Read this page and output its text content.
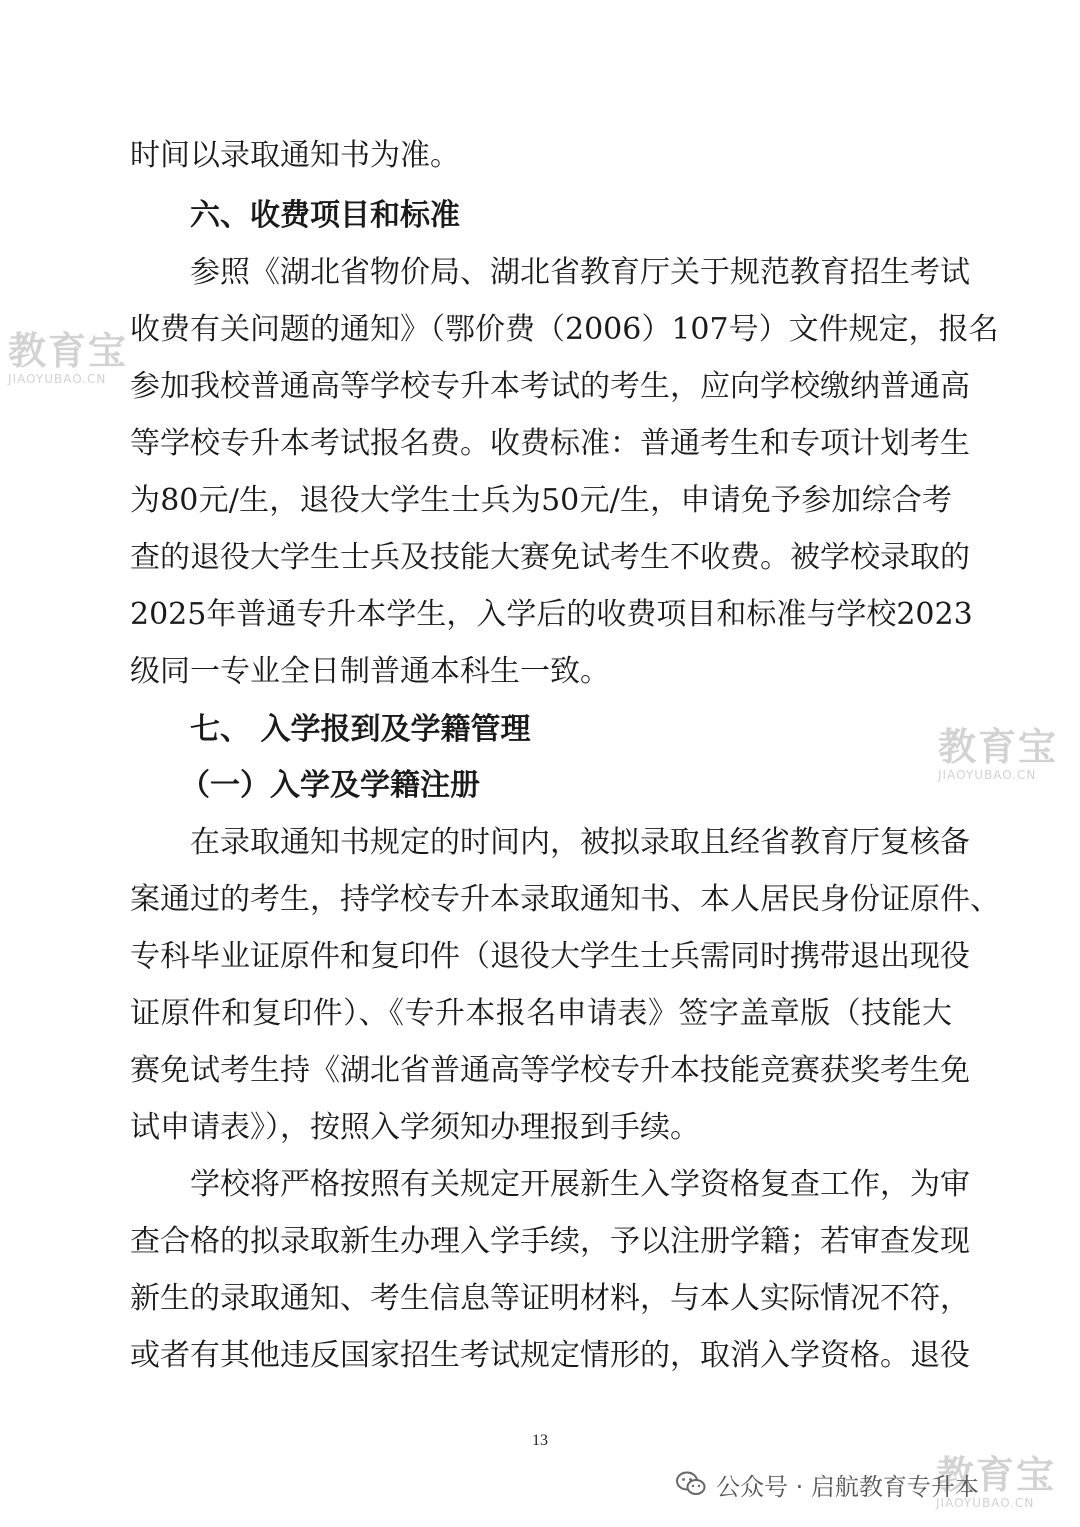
时间以录取通知书为准。
六、收费项目和标准
参照《湖北省物价局、湖北省教育厅关于规范教育招生考试
收费有关问题的通知》（鄂价费（2006）107号）文件规定，报名
参加我校普通高等学校专升本考试的考生，应向学校缴纳普通高
等学校专升本考试报名费。收费标准：普通考生和专项计划考生
为80元/生，退役大学生士兵为50元/生，申请免予参加综合考
查的退役大学生士兵及技能大赛免试考生不收费。被学校录取的
2025年普通专升本学生，入学后的收费项目和标准与学校2023
级同一专业全日制普通本科生一致。
七、 入学报到及学籍管理
（一）入学及学籍注册
在录取通知书规定的时间内，被拟录取且经省教育厅复核备
案通过的考生，持学校专升本录取通知书、本人居民身份证原件、
专科毕业证原件和复印件（退役大学生士兵需同时携带退出现役
证原件和复印件）、《专升本报名申请表》签字盖章版（技能大
赛免试考生持《湖北省普通高等学校专升本技能竞赛获奖考生免
试申请表》），按照入学须知办理报到手续。
学校将严格按照有关规定开展新生入学资格复查工作，为审
查合格的拟录取新生办理入学手续，予以注册学籍；若审查发现
新生的录取通知、考生信息等证明材料，与本人实际情况不符，
或者有其他违反国家招生考试规定情形的，取消入学资格。退役
13
教育宝
JIAOYUBAO.CN
教育宝
JIAOYUBAO.CN
教育宝
JIAOYUBAO.CN
公众号 · 启航教育专升本
